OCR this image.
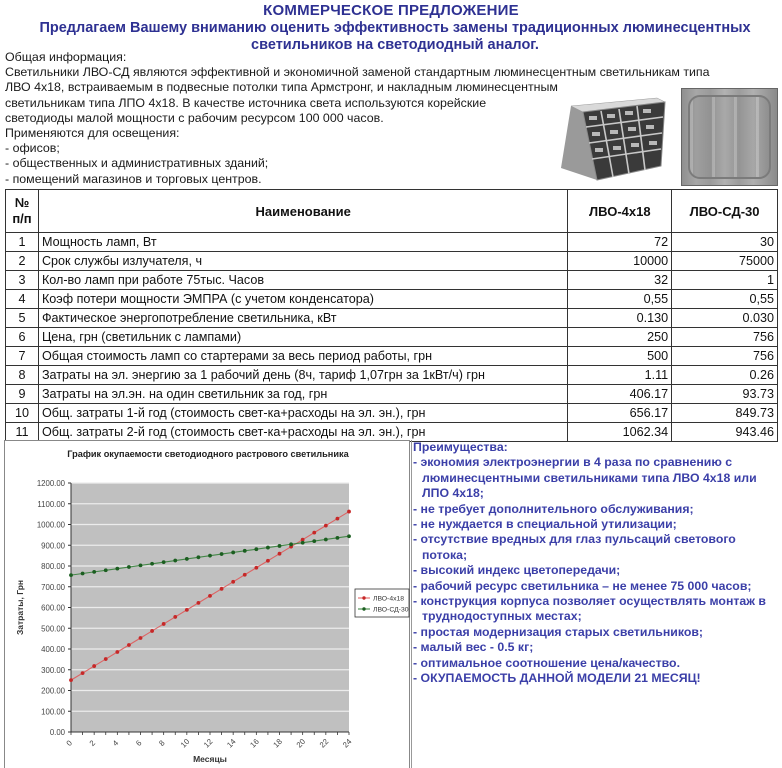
КОММЕРЧЕСКОЕ ПРЕДЛОЖЕНИЕ
Предлагаем Вашему вниманию оценить эффективность замены традиционных люминесцентных
светильников на светодиодный аналог.
Общая информация:
Светильники ЛВО-СД являются эффективной и экономичной заменой стандартным люминесцентным светильникам типа
ЛВО 4х18, встраиваемым в подвесные потолки типа Армстронг, и накладным люминесцентным
светильникам типа ЛПО 4х18. В качестве источника света используются корейские
светодиоды малой мощности с рабочим ресурсом 100 000 часов.
Применяются для освещения:
- офисов;
- общественных и административных зданий;
- помещений магазинов и торговых центров.
№
п/п	Наименование	ЛВО-4х18	ЛВО-СД-30
1	Мощность ламп, Вт	72	30
2	Срок службы излучателя, ч	10000	75000
3	Кол-во ламп при работе 75тыс. Часов	32	1
4	Коэф потери мощности ЭМПРА (с учетом конденсатора)	0,55	0,55
5	Фактическое энергопотребление светильника, кВт	0.130	0.030
6	Цена, грн (светильник с лампами)	250	756
7	Общая стоимость ламп со стартерами за весь период работы, грн	500	756
8	Затраты на эл. энергию за 1 рабочий день (8ч, тариф 1,07грн за 1кВт/ч) грн	1.11	0.26
9	Затраты на эл.эн. на один светильник за год, грн	406.17	93.73
10	Общ. затраты 1-й год (стоимость свет-ка+расходы на эл. эн.), грн	656.17	849.73
11	Общ. затраты 2-й год (стоимость свет-ка+расходы на эл. эн.), грн	1062.34	943.46
График окупаемости светодиодного растрового светильника
0.00
100.00
200.00
300.00
400.00
500.00
600.00
700.00
800.00
900.00
1000.00
1100.00
1200.00
0 2 4 6 8 10 12 14 16 18 20 22 24
Месяцы
Затраты, Грн	ЛВО-4х18
ЛВО-СД-30
Преимущества:
- экономия электроэнергии в 4 раза по сравнению с люминесцентными светильниками типа ЛВО 4х18 или ЛПО 4х18;
- не требует дополнительного обслуживания;
- не нуждается в специальной утилизации;
- отсутствие вредных для глаз пульсаций светового потока;
- высокий индекс цветопередачи;
- рабочий ресурс светильника – не менее 75 000 часов;
- конструкция корпуса позволяет осуществлять монтаж в труднодоступных местах;
- простая модернизация старых светильников;
- малый вес - 0.5 кг;
- оптимальное соотношение цена/качество.
- ОКУПАЕМОСТЬ ДАННОЙ МОДЕЛИ 21 МЕСЯЦ!
